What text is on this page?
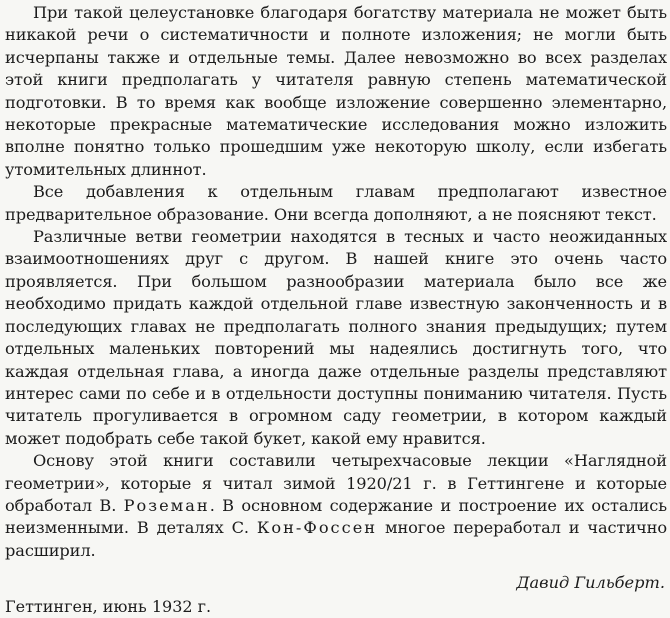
При такой целеустановке благодаря богатству материала не может быть никакой речи о систематичности и полноте изложения; не могли быть исчерпаны также и отдельные темы. Далее невозможно во всех разделах этой книги предполагать у читателя равную степень математической подготовки. В то время как вообще изложение совершенно элементарно, некоторые прекрасные математические исследования можно изложить вполне понятно только прошедшим уже некоторую школу, если избегать утомительных длиннот.

Все добавления к отдельным главам предполагают известное предварительное образование. Они всегда дополняют, а не поясняют текст.

Различные ветви геометрии находятся в тесных и часто неожиданных взаимоотношениях друг с другом. В нашей книге это очень часто проявляется. При большом разнообразии материала было все же необходимо придать каждой отдельной главе известную законченность и в последующих главах не предполагать полного знания предыдущих; путем отдельных маленьких повторений мы надеялись достигнуть того, что каждая отдельная глава, а иногда даже отдельные разделы представляют интерес сами по себе и в отдельности доступны пониманию читателя. Пусть читатель прогуливается в огромном саду геометрии, в котором каждый может подобрать себе такой букет, какой ему нравится.

Основу этой книги составили четырехчасовые лекции «Наглядной геометрии», которые я читал зимой 1920/21 г. в Геттингене и которые обработал В. Роземан. В основном содержание и построение их остались неизменными. В деталях С. Кон-Фоссен многое переработал и частично расширил.

Давид Гильберт.
Геттинген, июнь 1932 г.
